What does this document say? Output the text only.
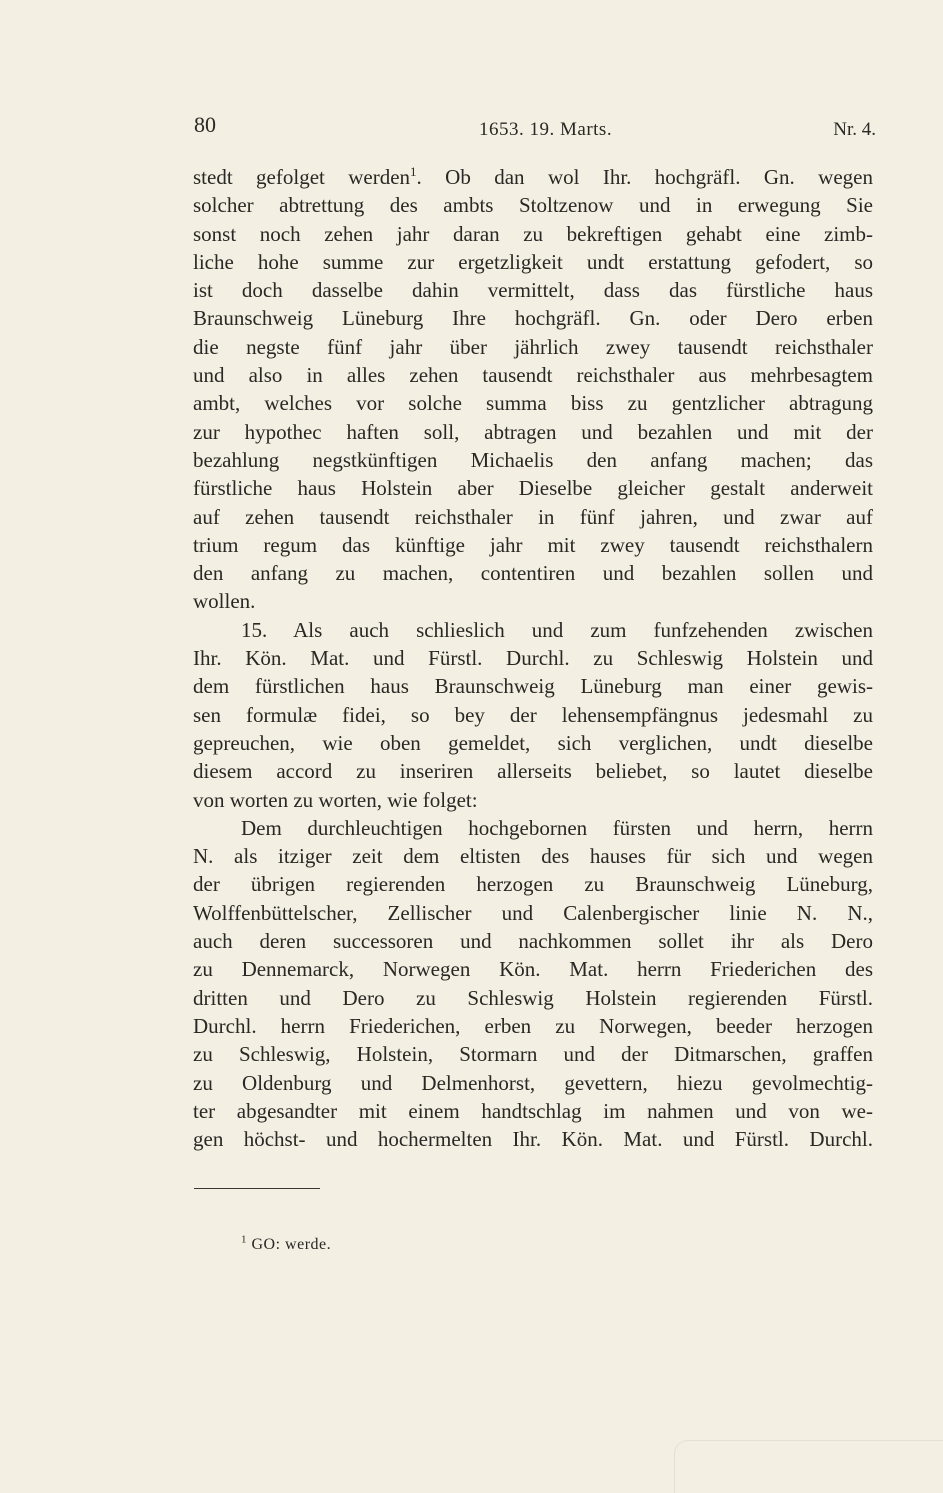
80	1653. 19. Marts.	Nr. 4.
stedt gefolget werden$^1$. Ob dan wol Ihr. hochgräfl. Gn. wegen
solcher abtrettung des ambts Stoltzenow und in erwegung Sie
sonst noch zehen jahr daran zu bekreftigen gehabt eine zimb-
liche hohe summe zur ergetzligkeit undt erstattung gefodert, so
ist doch dasselbe dahin vermittelt, dass das fürstliche haus
Braunschweig Lüneburg Ihre hochgräfl. Gn. oder Dero erben
die negste fünf jahr über jährlich zwey tausendt reichsthaler
und also in alles zehen tausendt reichsthaler aus mehrbesagtem
ambt, welches vor solche summa biss zu gentzlicher abtragung
zur hypothec haften soll, abtragen und bezahlen und mit der
bezahlung negstkünftigen Michaelis den anfang machen; das
fürstliche haus Holstein aber Dieselbe gleicher gestalt anderweit
auf zehen tausendt reichsthaler in fünf jahren, und zwar auf
trium regum das künftige jahr mit zwey tausendt reichsthalern
den anfang zu machen, contentiren und bezahlen sollen und
wollen.
15. Als auch schlieslich und zum funfzehenden zwischen
Ihr. Kön. Mat. und Fürstl. Durchl. zu Schleswig Holstein und
dem fürstlichen haus Braunschweig Lüneburg man einer gewis-
sen formulæ fidei, so bey der lehensempfängnus jedesmahl zu
gepreuchen, wie oben gemeldet, sich verglichen, undt dieselbe
diesem accord zu inseriren allerseits beliebet, so lautet dieselbe
von worten zu worten, wie folget:
Dem durchleuchtigen hochgebornen fürsten und herrn, herrn
N. als itziger zeit dem eltisten des hauses für sich und wegen
der übrigen regierenden herzogen zu Braunschweig Lüneburg,
Wolffenbüttelscher, Zellischer und Calenbergischer linie N. N.,
auch deren successoren und nachkommen sollet ihr als Dero
zu Dennemarck, Norwegen Kön. Mat. herrn Friederichen des
dritten und Dero zu Schleswig Holstein regierenden Fürstl.
Durchl. herrn Friederichen, erben zu Norwegen, beeder herzogen
zu Schleswig, Holstein, Stormarn und der Ditmarschen, graffen
zu Oldenburg und Delmenhorst, gevettern, hiezu gevolmechtig-
ter abgesandter mit einem handtschlag im nahmen und von we-
gen höchst- und hochermelten Ihr. Kön. Mat. und Fürstl. Durchl.
$^1$ GO: werde.
